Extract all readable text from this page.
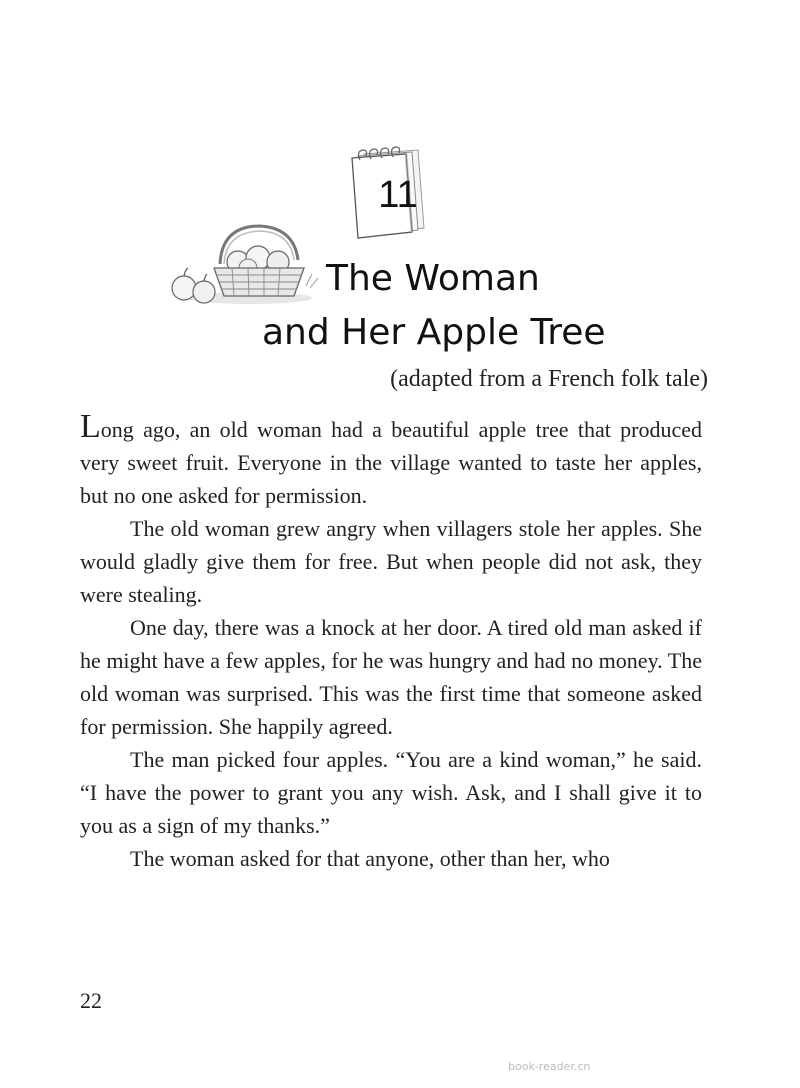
11
The Woman
and Her Apple Tree
(adapted from a French folk tale)

Long ago, an old woman had a beautiful apple tree that produced very sweet fruit. Everyone in the village wanted to taste her apples, but no one asked for permission.

The old woman grew angry when villagers stole her apples. She would gladly give them for free. But when people did not ask, they were stealing.

One day, there was a knock at her door. A tired old man asked if he might have a few apples, for he was hungry and had no money. The old woman was surprised. This was the first time that someone asked for permission. She happily agreed.

The man picked four apples. “You are a kind woman,” he said. “I have the power to grant you any wish. Ask, and I shall give it to you as a sign of my thanks.”

The woman asked for that anyone, other than her, who

22
book-reader.cn
